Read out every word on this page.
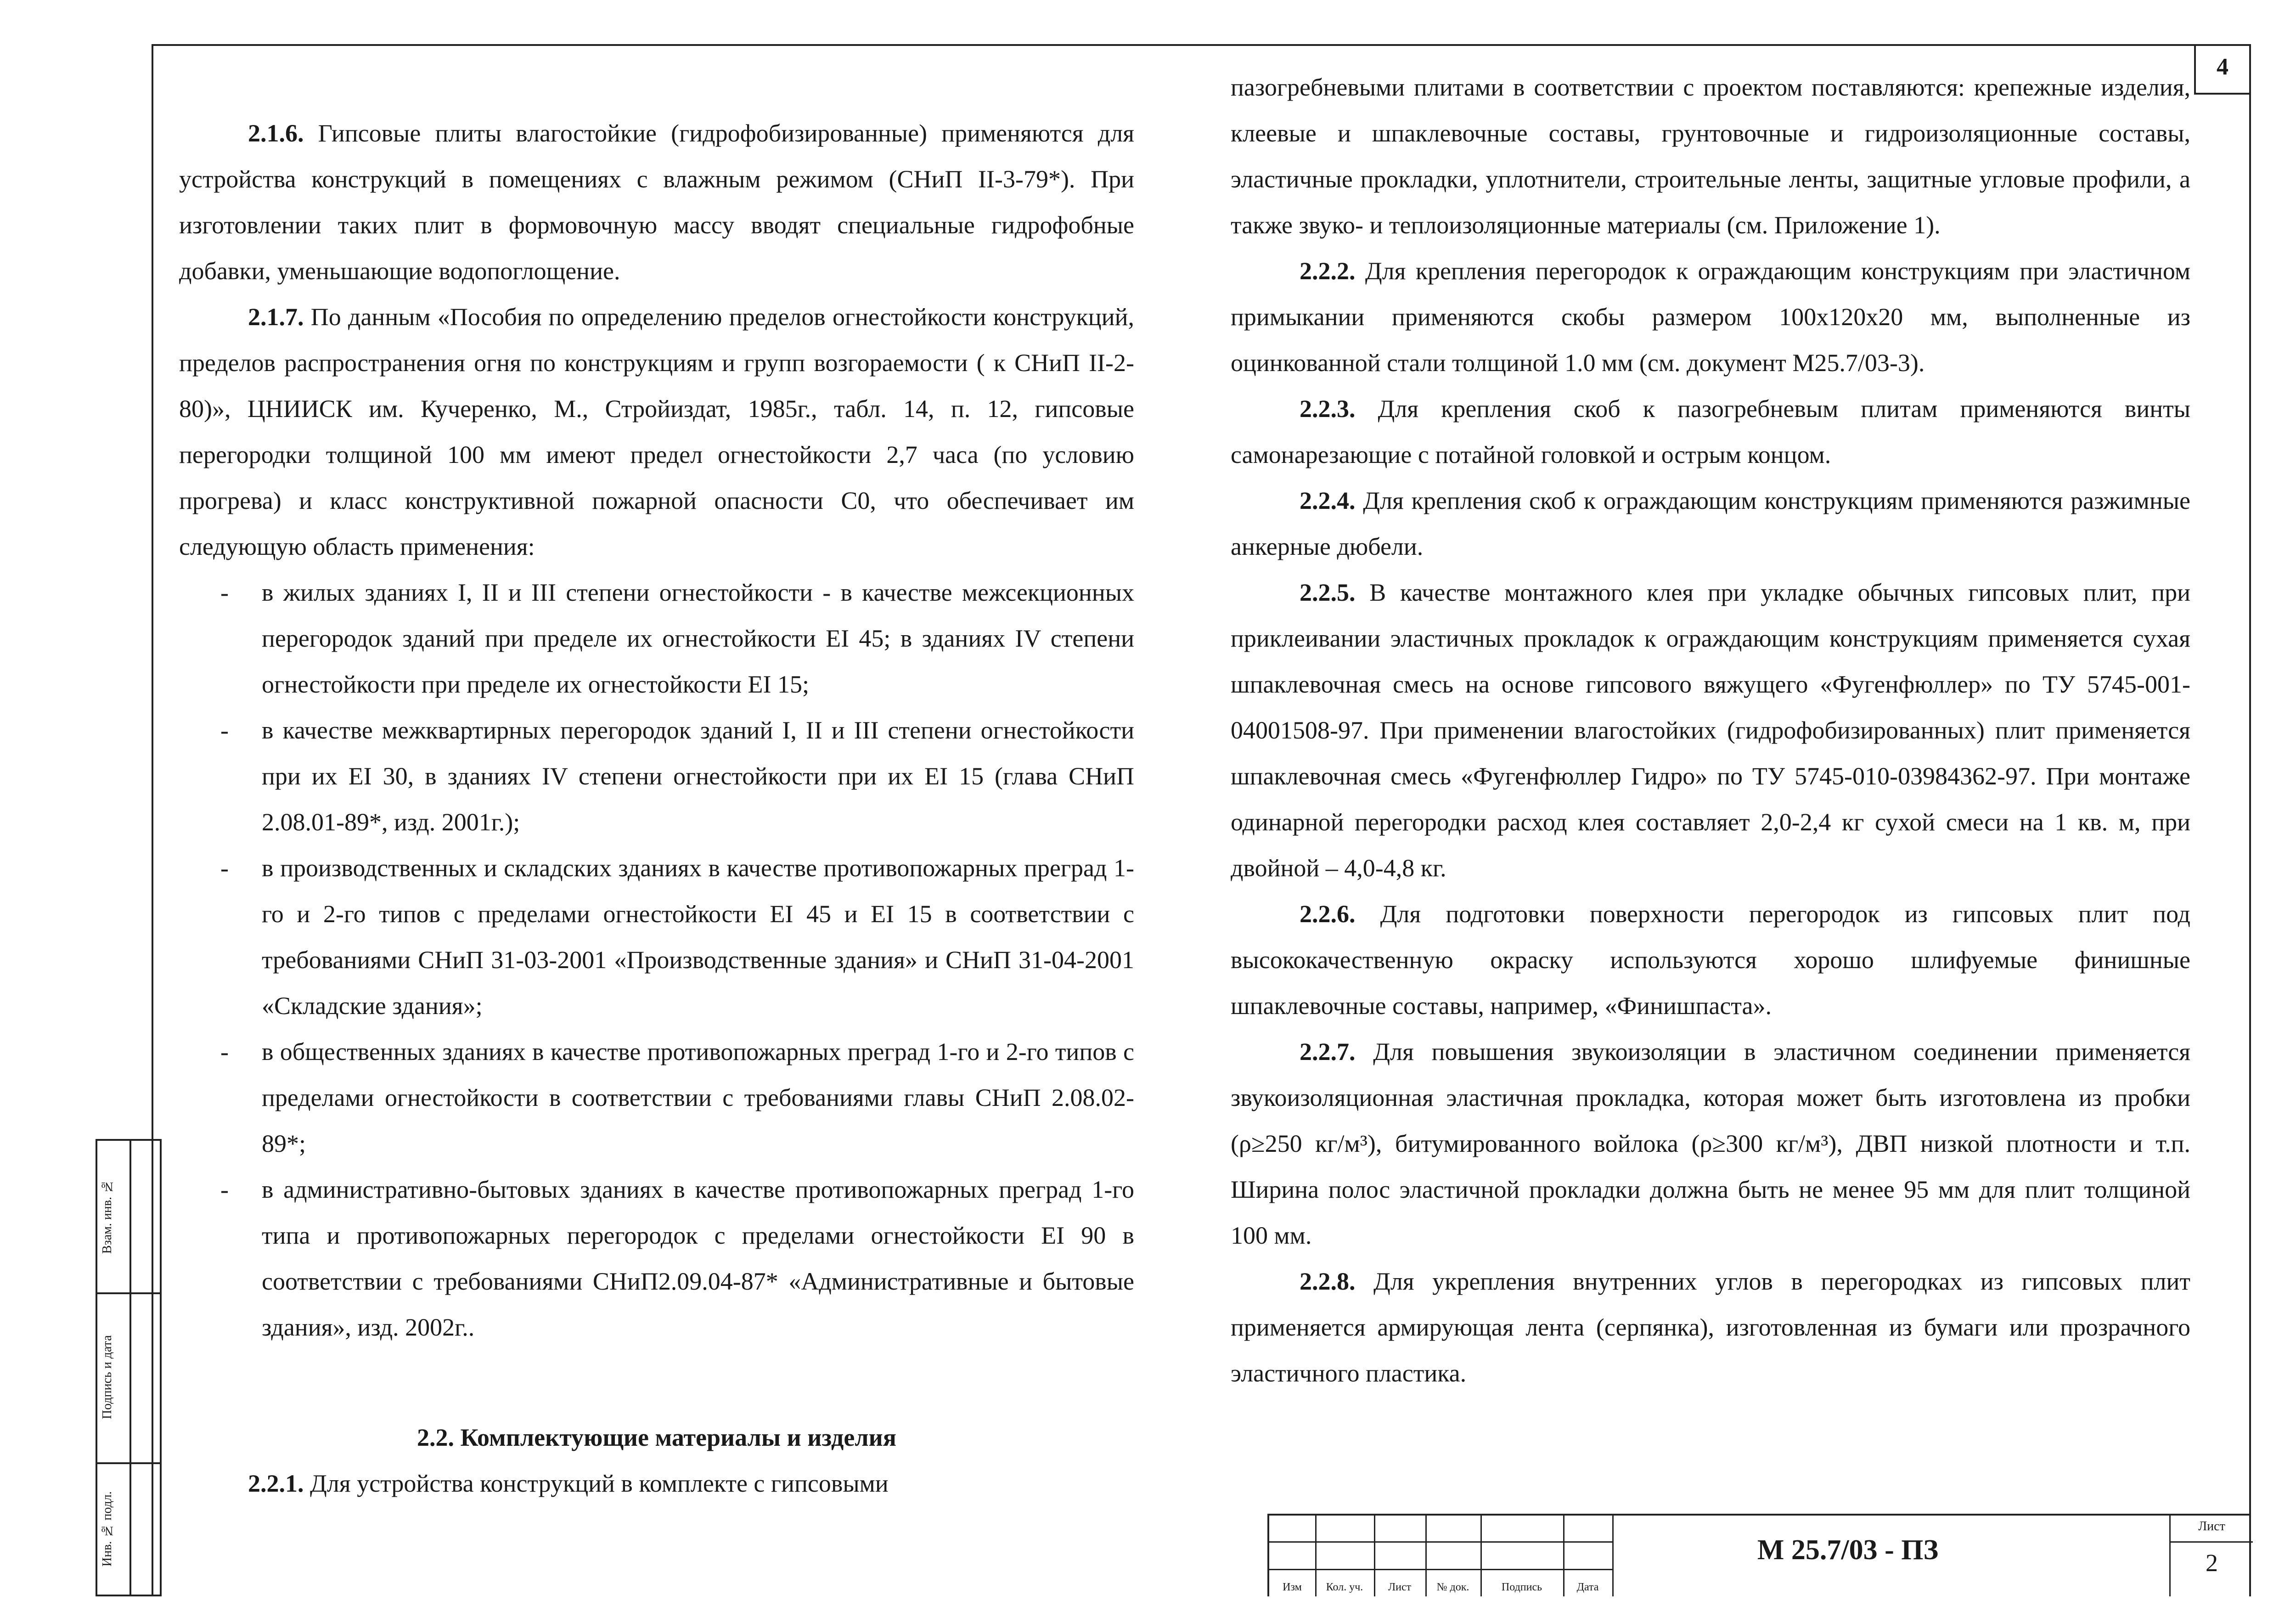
4

2.1.6. Гипсовые плиты влагостойкие (гидрофобизированные) применяются для устройства конструкций в помещениях с влажным режимом (СНиП II-3-79*). При изготовлении таких плит в формовочную массу вводят специальные гидрофобные добавки, уменьшающие водопоглощение.

2.1.7. По данным «Пособия по определению пределов огнестойкости конструкций, пределов распространения огня по конструкциям и групп возгораемости ( к СНиП II-2-80)», ЦНИИСК им. Кучеренко, М., Стройиздат, 1985г., табл. 14, п. 12, гипсовые перегородки толщиной 100 мм имеют предел огнестойкости 2,7 часа (по условию прогрева) и класс конструктивной пожарной опасности С0, что обеспечивает им следующую область применения:

- в жилых зданиях I, II и III степени огнестойкости - в качестве межсекционных перегородок зданий при пределе их огнестойкости EI 45; в зданиях IV степени огнестойкости при пределе их огнестойкости EI 15;

- в качестве межквартирных перегородок зданий I, II и III степени огнестойкости при их EI 30, в зданиях IV степени огнестойкости при их EI 15 (глава СНиП 2.08.01-89*, изд. 2001г.);

- в производственных и складских зданиях в качестве противопожарных преград 1-го и 2-го типов с пределами огнестойкости EI 45 и EI 15 в соответствии с требованиями СНиП 31-03-2001 «Производственные здания» и СНиП 31-04-2001 «Складские здания»;

- в общественных зданиях в качестве противопожарных преград 1-го и 2-го типов с пределами огнестойкости в соответствии с требованиями главы СНиП 2.08.02-89*;

- в административно-бытовых зданиях в качестве противопожарных преград 1-го типа и противопожарных перегородок с пределами огнестойкости EI 90 в соответствии с требованиями СНиП2.09.04-87* «Административные и бытовые здания», изд. 2002г..

2.2. Комплектующие материалы и изделия

2.2.1. Для устройства конструкций в комплекте с гипсовыми

пазогребневыми плитами в соответствии с проектом поставляются: крепежные изделия, клеевые и шпаклевочные составы, грунтовочные и гидроизоляционные составы, эластичные прокладки, уплотнители, строительные ленты, защитные угловые профили, а также звуко- и теплоизоляционные материалы (см. Приложение 1).

2.2.2. Для крепления перегородок к ограждающим конструкциям при эластичном примыкании применяются скобы размером 100х120х20 мм, выполненные из оцинкованной стали толщиной 1.0 мм (см. документ М25.7/03-3).

2.2.3. Для крепления скоб к пазогребневым плитам применяются винты самонарезающие с потайной головкой и острым концом.

2.2.4. Для крепления скоб к ограждающим конструкциям применяются разжимные анкерные дюбели.

2.2.5. В качестве монтажного клея при укладке обычных гипсовых плит, при приклеивании эластичных прокладок к ограждающим конструкциям применяется сухая шпаклевочная смесь на основе гипсового вяжущего «Фугенфюллер» по ТУ 5745-001-04001508-97. При применении влагостойких (гидрофобизированных) плит применяется шпаклевочная смесь «Фугенфюллер Гидро» по ТУ 5745-010-03984362-97. При монтаже одинарной перегородки расход клея составляет 2,0-2,4 кг сухой смеси на 1 кв. м, при двойной – 4,0-4,8 кг.

2.2.6. Для подготовки поверхности перегородок из гипсовых плит под высококачественную окраску используются хорошо шлифуемые финишные шпаклевочные составы, например, «Финишпаста».

2.2.7. Для повышения звукоизоляции в эластичном соединении применяется звукоизоляционная эластичная прокладка, которая может быть изготовлена из пробки (ρ≥250 кг/м³), битумированного войлока (ρ≥300 кг/м³), ДВП низкой плотности и т.п. Ширина полос эластичной прокладки должна быть не менее 95 мм для плит толщиной 100 мм.

2.2.8. Для укрепления внутренних углов в перегородках из гипсовых плит применяется армирующая лента (серпянка), изготовленная из бумаги или прозрачного эластичного пластика.

Взам. инв. №
Подпись и дата
Инв. № подл.
Изм	Кол. уч.	Лист	№ док.	Подпись	Дата
М 25.7/03 - ПЗ
Лист
2
